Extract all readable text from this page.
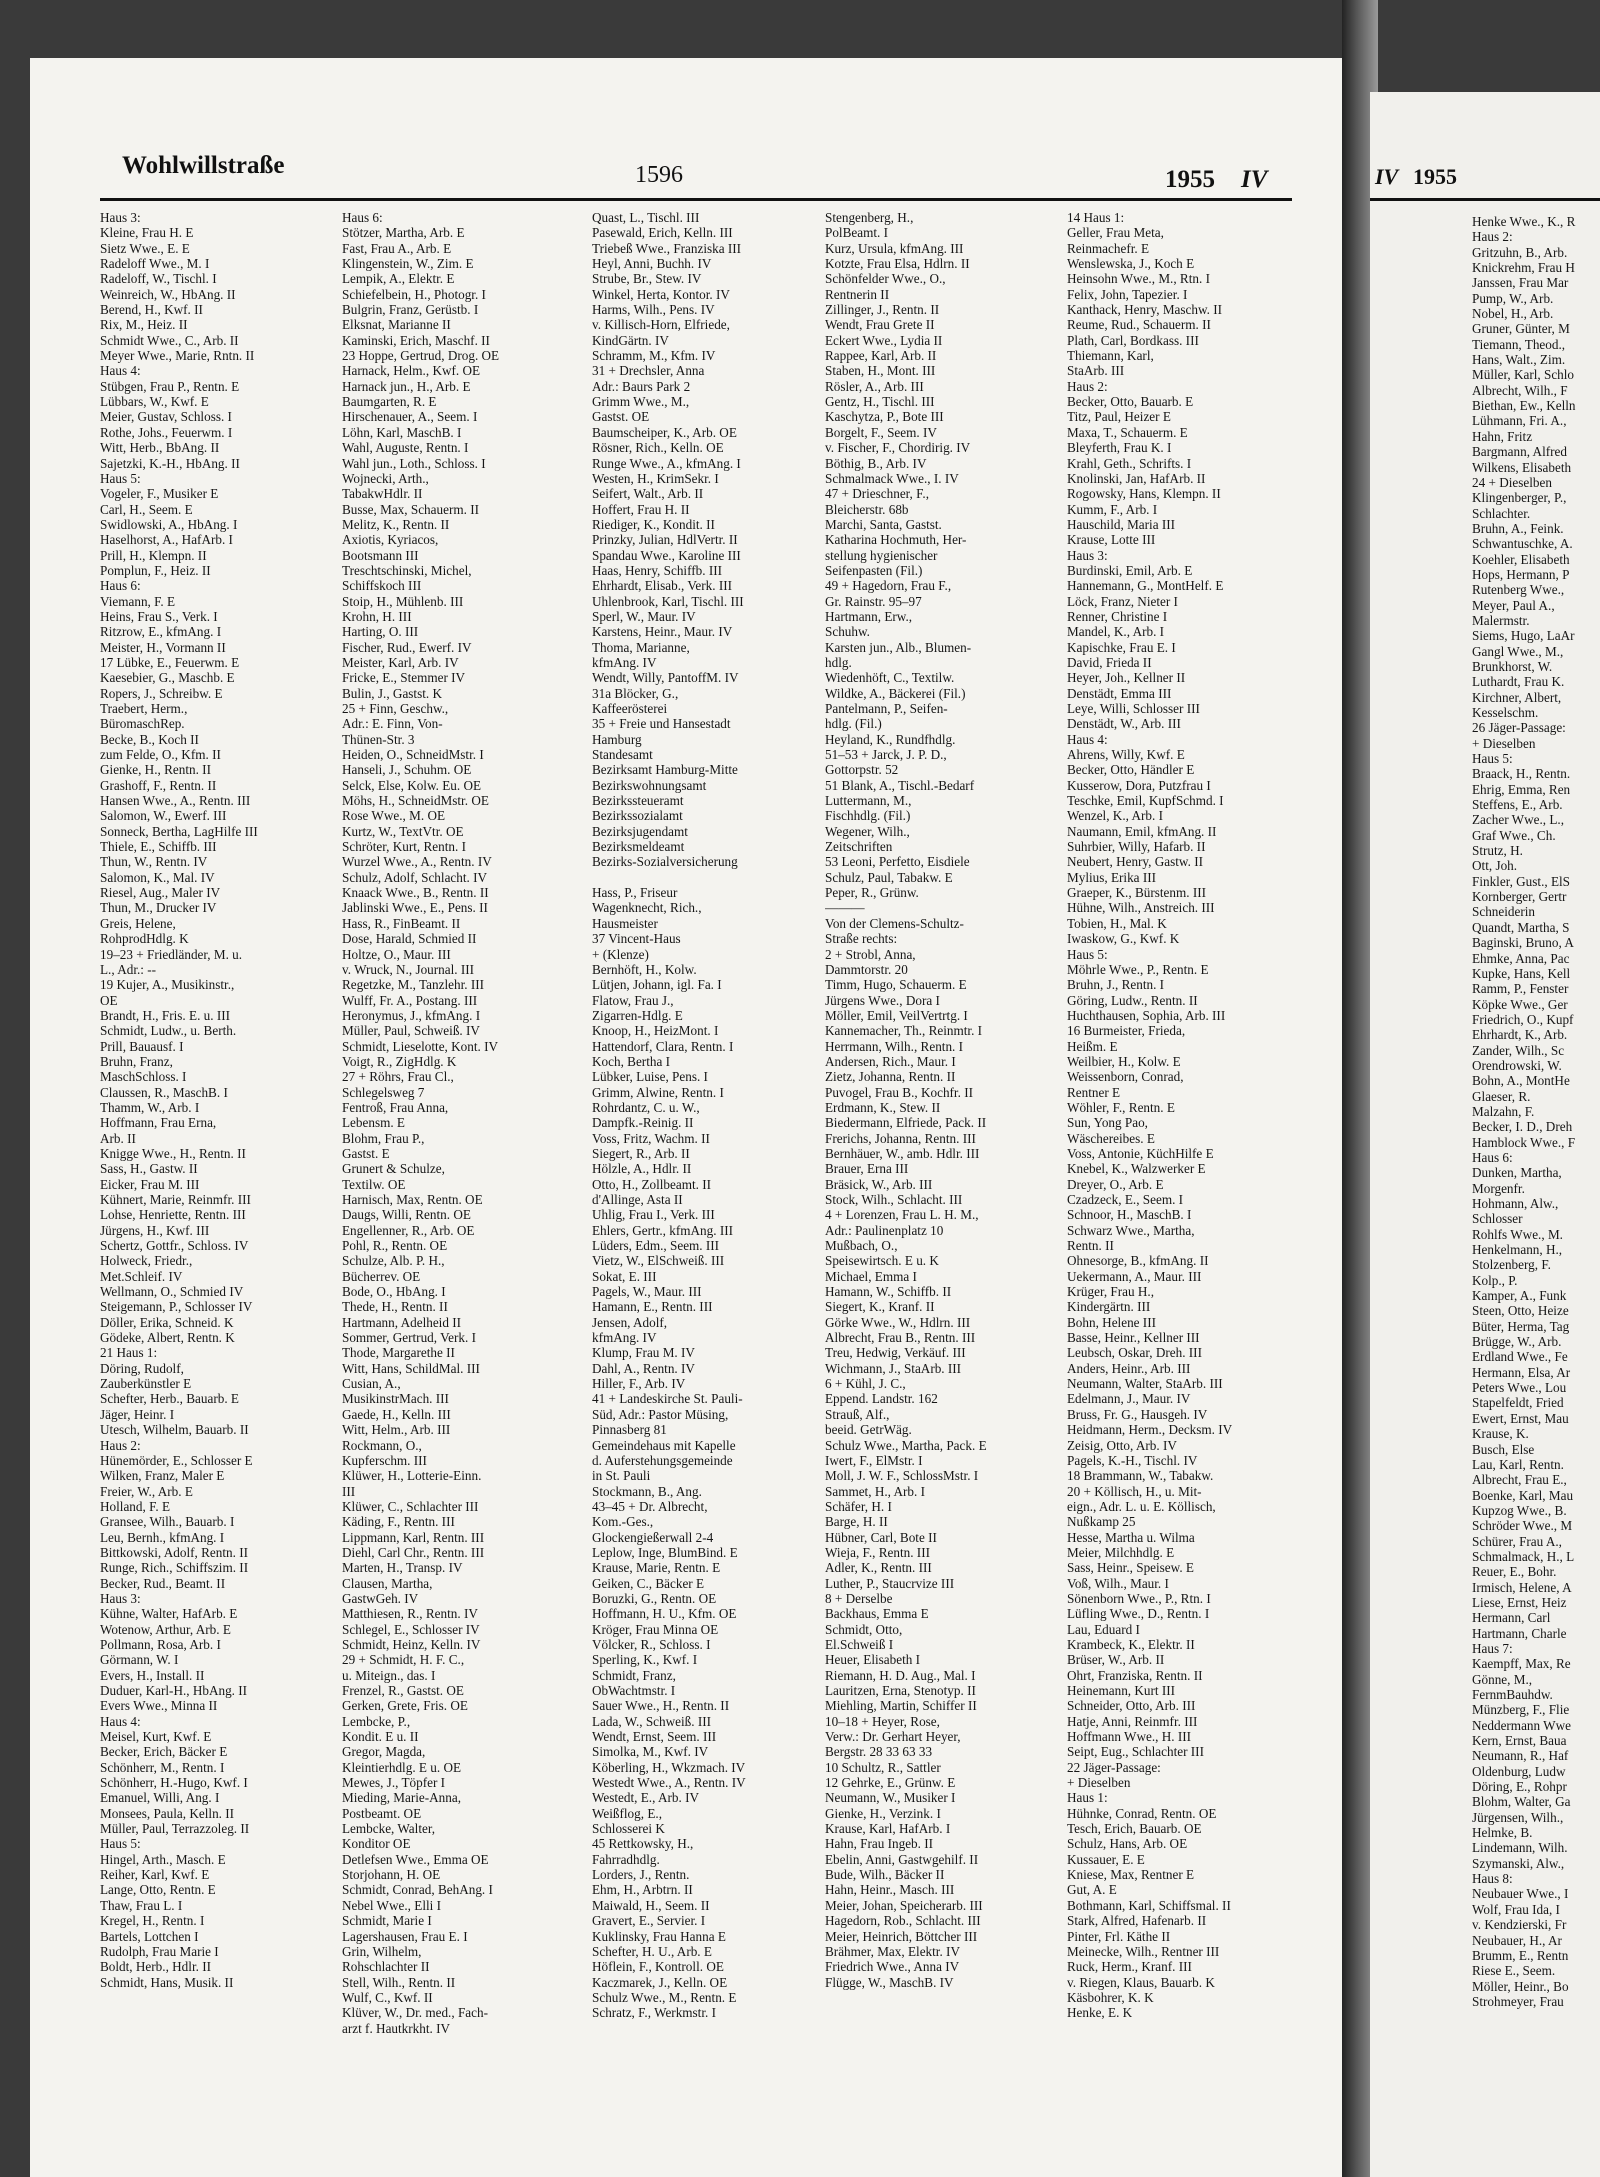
IV 1955
Henke Wwe., K., R
Haus 2:
Gritzuhn, B., Arb.
Knickrehm, Frau H
Janssen, Frau Mar
Pump, W., Arb.
Nobel, H., Arb.
Gruner, Günter, M
Tiemann, Theod.,
Hans, Walt., Zim.
Müller, Karl, Schlo
Albrecht, Wilh., F
Biethan, Ew., Kelln
Lühmann, Fri. A.,
Hahn, Fritz
Bargmann, Alfred
Wilkens, Elisabeth
24 + Dieselben
Klingenberger, P.,
Schlachter.
Bruhn, A., Feink.
Schwantuschke, A.
Koehler, Elisabeth
Hops, Hermann, P
Rutenberg Wwe.,
Meyer, Paul A.,
Malermstr.
Siems, Hugo, LaAr
Gangl Wwe., M.,
Brunkhorst, W.
Luthardt, Frau K.
Kirchner, Albert,
Kesselschm.
26 Jäger-Passage:
+ Dieselben
Haus 5:
Braack, H., Rentn.
Ehrig, Emma, Ren
Steffens, E., Arb.
Zacher Wwe., L.,
Graf Wwe., Ch.
Strutz, H.
Ott, Joh.
Finkler, Gust., ElS
Kornberger, Gertr
Schneiderin
Quandt, Martha, S
Baginski, Bruno, A
Ehmke, Anna, Pac
Kupke, Hans, Kell
Ramm, P., Fenster
Köpke Wwe., Ger
Friedrich, O., Kupf
Ehrhardt, K., Arb.
Zander, Wilh., Sc
Orendrowski, W.
Bohn, A., MontHe
Glaeser, R.
Malzahn, F.
Becker, I. D., Dreh
Hamblock Wwe., F
Haus 6:
Dunken, Martha,
Morgenfr.
Hohmann, Alw.,
Schlosser
Rohlfs Wwe., M.
Henkelmann, H.,
Stolzenberg, F.
Kolp., P.
Kamper, A., Funk
Steen, Otto, Heize
Büter, Herma, Tag
Brügge, W., Arb.
Erdland Wwe., Fe
Hermann, Elsa, Ar
Peters Wwe., Lou
Stapelfeldt, Fried
Ewert, Ernst, Mau
Krause, K.
Busch, Else
Lau, Karl, Rentn.
Albrecht, Frau E.,
Boenke, Karl, Mau
Kupzog Wwe., B.
Schröder Wwe., M
Schürer, Frau A.,
Schmalmack, H., L
Reuer, E., Bohr.
Irmisch, Helene, A
Liese, Ernst, Heiz
Hermann, Carl
Hartmann, Charle
Haus 7:
Kaempff, Max, Re
Gönne, M.,
FernmBauhdw.
Münzberg, F., Flie
Neddermann Wwe
Kern, Ernst, Baua
Neumann, R., Haf
Oldenburg, Ludw
Döring, E., Rohpr
Blohm, Walter, Ga
Jürgensen, Wilh.,
Helmke, B.
Lindemann, Wilh.
Szymanski, Alw.,
Haus 8:
Neubauer Wwe., I
Wolf, Frau Ida, I
v. Kendzierski, Fr
Neubauer, H., Ar
Brumm, E., Rentn
Riese E., Seem.
Möller, Heinr., Bo
Strohmeyer, Frau
Wohlwillstraße	1596	1955 IV
Haus 3:
Kleine, Frau H. E
Sietz Wwe., E. E
Radeloff Wwe., M. I
Radeloff, W., Tischl. I
Weinreich, W., HbAng. II
Berend, H., Kwf. II
Rix, M., Heiz. II
Schmidt Wwe., C., Arb. II
Meyer Wwe., Marie, Rntn. II
Haus 4:
Stübgen, Frau P., Rentn. E
Lübbars, W., Kwf. E
Meier, Gustav, Schloss. I
Rothe, Johs., Feuerwm. I
Witt, Herb., BbAng. II
Sajetzki, K.-H., HbAng. II
Haus 5:
Vogeler, F., Musiker E
Carl, H., Seem. E
Swidlowski, A., HbAng. I
Haselhorst, A., HafArb. I
Prill, H., Klempn. II
Pomplun, F., Heiz. II
Haus 6:
Viemann, F. E
Heins, Frau S., Verk. I
Ritzrow, E., kfmAng. I
Meister, H., Vormann II
17 Lübke, E., Feuerwm. E
Kaesebier, G., Maschb. E
Ropers, J., Schreibw. E
Traebert, Herm.,
BüromaschRep.
Becke, B., Koch II
zum Felde, O., Kfm. II
Gienke, H., Rentn. II
Grashoff, F., Rentn. II
Hansen Wwe., A., Rentn. III
Salomon, W., Ewerf. III
Sonneck, Bertha, LagHilfe III
Thiele, E., Schiffb. III
Thun, W., Rentn. IV
Salomon, K., Mal. IV
Riesel, Aug., Maler IV
Thun, M., Drucker IV
Greis, Helene,
RohprodHdlg. K
19–23 + Friedländer, M. u.
L., Adr.: --
19 Kujer, A., Musikinstr.,
OE
Brandt, H., Fris. E. u. III
Schmidt, Ludw., u. Berth.
Prill, Bauausf. I
Bruhn, Franz,
MaschSchloss. I
Claussen, R., MaschB. I
Thamm, W., Arb. I
Hoffmann, Frau Erna,
Arb. II
Knigge Wwe., H., Rentn. II
Sass, H., Gastw. II
Eicker, Frau M. III
Kühnert, Marie, Reinmfr. III
Lohse, Henriette, Rentn. III
Jürgens, H., Kwf. III
Schertz, Gottfr., Schloss. IV
Holweck, Friedr.,
Met.Schleif. IV
Wellmann, O., Schmied IV
Steigemann, P., Schlosser IV
Döller, Erika, Schneid. K
Gödeke, Albert, Rentn. K
21 Haus 1:
Döring, Rudolf,
Zauberkünstler E
Schefter, Herb., Bauarb. E
Jäger, Heinr. I
Utesch, Wilhelm, Bauarb. II
Haus 2:
Hünemörder, E., Schlosser E
Wilken, Franz, Maler E
Freier, W., Arb. E
Holland, F. E
Gransee, Wilh., Bauarb. I
Leu, Bernh., kfmAng. I
Bittkowski, Adolf, Rentn. II
Runge, Rich., Schiffszim. II
Becker, Rud., Beamt. II
Haus 3:
Kühne, Walter, HafArb. E
Wotenow, Arthur, Arb. E
Pollmann, Rosa, Arb. I
Görmann, W. I
Evers, H., Install. II
Duduer, Karl-H., HbAng. II
Evers Wwe., Minna II
Haus 4:
Meisel, Kurt, Kwf. E
Becker, Erich, Bäcker E
Schönherr, M., Rentn. I
Schönherr, H.-Hugo, Kwf. I
Emanuel, Willi, Ang. I
Monsees, Paula, Kelln. II
Müller, Paul, Terrazzoleg. II
Haus 5:
Hingel, Arth., Masch. E
Reiher, Karl, Kwf. E
Lange, Otto, Rentn. E
Thaw, Frau L. I
Kregel, H., Rentn. I
Bartels, Lottchen I
Rudolph, Frau Marie I
Boldt, Herb., Hdlr. II
Schmidt, Hans, Musik. II
Haus 6:
Stötzer, Martha, Arb. E
Fast, Frau A., Arb. E
Klingenstein, W., Zim. E
Lempik, A., Elektr. E
Schiefelbein, H., Photogr. I
Bulgrin, Franz, Gerüstb. I
Elksnat, Marianne II
Kaminski, Erich, Maschf. II
23 Hoppe, Gertrud, Drog. OE
Harnack, Helm., Kwf. OE
Harnack jun., H., Arb. E
Baumgarten, R. E
Hirschenauer, A., Seem. I
Löhn, Karl, MaschB. I
Wahl, Auguste, Rentn. I
Wahl jun., Loth., Schloss. I
Wojnecki, Arth.,
TabakwHdlr. II
Busse, Max, Schauerm. II
Melitz, K., Rentn. II
Axiotis, Kyriacos,
Bootsmann III
Treschtschinski, Michel,
Schiffskoch III
Stoip, H., Mühlenb. III
Krohn, H. III
Harting, O. III
Fischer, Rud., Ewerf. IV
Meister, Karl, Arb. IV
Fricke, E., Stemmer IV
Bulin, J., Gastst. K
25 + Finn, Geschw.,
Adr.: E. Finn, Von-
Thünen-Str. 3
Heiden, O., SchneidMstr. I
Hanseli, J., Schuhm. OE
Selck, Else, Kolw. Eu. OE
Möhs, H., SchneidMstr. OE
Rose Wwe., M. OE
Kurtz, W., TextVtr. OE
Schröter, Kurt, Rentn. I
Wurzel Wwe., A., Rentn. IV
Schulz, Adolf, Schlacht. IV
Knaack Wwe., B., Rentn. II
Jablinski Wwe., E., Pens. II
Hass, R., FinBeamt. II
Dose, Harald, Schmied II
Holtze, O., Maur. III
v. Wruck, N., Journal. III
Regetzke, M., Tanzlehr. III
Wulff, Fr. A., Postang. III
Heronymus, J., kfmAng. I
Müller, Paul, Schweiß. IV
Schmidt, Lieselotte, Kont. IV
Voigt, R., ZigHdlg. K
27 + Röhrs, Frau Cl.,
Schlegelsweg 7
Fentroß, Frau Anna,
Lebensm. E
Blohm, Frau P.,
Gastst. E
Grunert & Schulze,
Textilw. OE
Harnisch, Max, Rentn. OE
Daugs, Willi, Rentn. OE
Engellenner, R., Arb. OE
Pohl, R., Rentn. OE
Schulze, Alb. P. H.,
Bücherrev. OE
Bode, O., HbAng. I
Thede, H., Rentn. II
Hartmann, Adelheid II
Sommer, Gertrud, Verk. I
Thode, Margarethe II
Witt, Hans, SchildMal. III
Cusian, A.,
MusikinstrMach. III
Gaede, H., Kelln. III
Witt, Helm., Arb. III
Rockmann, O.,
Kupferschm. III
Klüwer, H., Lotterie-Einn.
III
Klüwer, C., Schlachter III
Käding, F., Rentn. III
Lippmann, Karl, Rentn. III
Diehl, Carl Chr., Rentn. III
Marten, H., Transp. IV
Clausen, Martha,
GastwGeh. IV
Matthiesen, R., Rentn. IV
Schlegel, E., Schlosser IV
Schmidt, Heinz, Kelln. IV
29 + Schmidt, H. F. C.,
u. Miteign., das. I
Frenzel, R., Gastst. OE
Gerken, Grete, Fris. OE
Lembcke, P.,
Kondit. E u. II
Gregor, Magda,
Kleintierhdlg. E u. OE
Mewes, J., Töpfer I
Mieding, Marie-Anna,
Postbeamt. OE
Lembcke, Walter,
Konditor OE
Detlefsen Wwe., Emma OE
Storjohann, H. OE
Schmidt, Conrad, BehAng. I
Nebel Wwe., Elli I
Schmidt, Marie I
Lagershausen, Frau E. I
Grin, Wilhelm,
Rohschlachter II
Stell, Wilh., Rentn. II
Wulf, C., Kwf. II
Klüver, W., Dr. med., Fach-
arzt f. Hautkrkht. IV
Quast, L., Tischl. III
Pasewald, Erich, Kelln. III
Triebeß Wwe., Franziska III
Heyl, Anni, Buchh. IV
Strube, Br., Stew. IV
Winkel, Herta, Kontor. IV
Harms, Wilh., Pens. IV
v. Killisch-Horn, Elfriede,
KindGärtn. IV
Schramm, M., Kfm. IV
31 + Drechsler, Anna
Adr.: Baurs Park 2
Grimm Wwe., M.,
Gastst. OE
Baumscheiper, K., Arb. OE
Rösner, Rich., Kelln. OE
Runge Wwe., A., kfmAng. I
Westen, H., KrimSekr. I
Seifert, Walt., Arb. II
Hoffert, Frau H. II
Riediger, K., Kondit. II
Prinzky, Julian, HdlVertr. II
Spandau Wwe., Karoline III
Haas, Henry, Schiffb. III
Ehrhardt, Elisab., Verk. III
Uhlenbrook, Karl, Tischl. III
Sperl, W., Maur. IV
Karstens, Heinr., Maur. IV
Thoma, Marianne,
kfmAng. IV
Wendt, Willy, PantoffM. IV
31a Blöcker, G.,
Kaffeerösterei
35 + Freie und Hansestadt
Hamburg
Standesamt
Bezirksamt Hamburg-Mitte
Bezirkswohnungsamt
Bezirkssteueramt
Bezirkssozialamt
Bezirksjugendamt
Bezirksmeldeamt
Bezirks-Sozialversicherung
Hass, P., Friseur
Wagenknecht, Rich.,
Hausmeister
37 Vincent-Haus
+ (Klenze)
Bernhöft, H., Kolw.
Lütjen, Johann, igl. Fa. I
Flatow, Frau J.,
Zigarren-Hdlg. E
Knoop, H., HeizMont. I
Hattendorf, Clara, Rentn. I
Koch, Bertha I
Lübker, Luise, Pens. I
Grimm, Alwine, Rentn. I
Rohrdantz, C. u. W.,
Dampfk.-Reinig. II
Voss, Fritz, Wachm. II
Siegert, R., Arb. II
Hölzle, A., Hdlr. II
Otto, H., Zollbeamt. II
d'Allinge, Asta II
Uhlig, Frau I., Verk. III
Ehlers, Gertr., kfmAng. III
Lüders, Edm., Seem. III
Vietz, W., ElSchweiß. III
Sokat, E. III
Pagels, W., Maur. III
Hamann, E., Rentn. III
Jensen, Adolf,
kfmAng. IV
Klump, Frau M. IV
Dahl, A., Rentn. IV
Hiller, F., Arb. IV
41 + Landeskirche St. Pauli-
Süd, Adr.: Pastor Müsing,
Pinnasberg 81
Gemeindehaus mit Kapelle
d. Auferstehungsgemeinde
in St. Pauli
Stockmann, B., Ang.
43–45 + Dr. Albrecht,
Kom.-Ges.,
Glockengießerwall 2-4
Leplow, Inge, BlumBind. E
Krause, Marie, Rentn. E
Geiken, C., Bäcker E
Boruzki, G., Rentn. OE
Hoffmann, H. U., Kfm. OE
Kröger, Frau Minna OE
Völcker, R., Schloss. I
Sperling, K., Kwf. I
Schmidt, Franz,
ObWachtmstr. I
Sauer Wwe., H., Rentn. II
Lada, W., Schweiß. III
Wendt, Ernst, Seem. III
Simolka, M., Kwf. IV
Köberling, H., Wkzmach. IV
Westedt Wwe., A., Rentn. IV
Westedt, E., Arb. IV
Weißflog, E.,
Schlosserei K
45 Rettkowsky, H.,
Fahrradhdlg.
Lorders, J., Rentn.
Ehm, H., Arbtrn. II
Maiwald, H., Seem. II
Gravert, E., Servier. I
Kuklinsky, Frau Hanna E
Schefter, H. U., Arb. E
Höflein, F., Kontroll. OE
Kaczmarek, J., Kelln. OE
Schulz Wwe., M., Rentn. E
Schratz, F., Werkmstr. I
Stengenberg, H.,
PolBeamt. I
Kurz, Ursula, kfmAng. III
Kotzte, Frau Elsa, Hdlrn. II
Schönfelder Wwe., O.,
Rentnerin II
Zillinger, J., Rentn. II
Wendt, Frau Grete II
Eckert Wwe., Lydia II
Rappee, Karl, Arb. II
Staben, H., Mont. III
Rösler, A., Arb. III
Gentz, H., Tischl. III
Kaschytza, P., Bote III
Borgelt, F., Seem. IV
v. Fischer, F., Chordirig. IV
Böthig, B., Arb. IV
Schmalmack Wwe., I. IV
47 + Drieschner, F.,
Bleicherstr. 68b
Marchi, Santa, Gastst.
Katharina Hochmuth, Her-
stellung hygienischer
Seifenpasten (Fil.)
49 + Hagedorn, Frau F.,
Gr. Rainstr. 95–97
Hartmann, Erw.,
Schuhw.
Karsten jun., Alb., Blumen-
hdlg.
Wiedenhöft, C., Textilw.
Wildke, A., Bäckerei (Fil.)
Pantelmann, P., Seifen-
hdlg. (Fil.)
Heyland, K., Rundfhdlg.
51–53 + Jarck, J. P. D.,
Gottorpstr. 52
51 Blank, A., Tischl.-Bedarf
Luttermann, M.,
Fischhdlg. (Fil.)
Wegener, Wilh.,
Zeitschriften
53 Leoni, Perfetto, Eisdiele
Schulz, Paul, Tabakw. E
Peper, R., Grünw.
———
Von der Clemens-Schultz-
Straße rechts:
2 + Strobl, Anna,
Dammtorstr. 20
Timm, Hugo, Schauerm. E
Jürgens Wwe., Dora I
Möller, Emil, VeilVertrtg. I
Kannemacher, Th., Reinmtr. I
Herrmann, Wilh., Rentn. I
Andersen, Rich., Maur. I
Zietz, Johanna, Rentn. II
Puvogel, Frau B., Kochfr. II
Erdmann, K., Stew. II
Biedermann, Elfriede, Pack. II
Frerichs, Johanna, Rentn. III
Bernhäuer, W., amb. Hdlr. III
Brauer, Erna III
Bräsick, W., Arb. III
Stock, Wilh., Schlacht. III
4 + Lorenzen, Frau L. H. M.,
Adr.: Paulinenplatz 10
Mußbach, O.,
Speisewirtsch. E u. K
Michael, Emma I
Hamann, W., Schiffb. II
Siegert, K., Kranf. II
Görke Wwe., W., Hdlrn. III
Albrecht, Frau B., Rentn. III
Treu, Hedwig, Verkäuf. III
Wichmann, J., StaArb. III
6 + Kühl, J. C.,
Eppend. Landstr. 162
Strauß, Alf.,
beeid. GetrWäg.
Schulz Wwe., Martha, Pack. E
Iwert, F., ElMstr. I
Moll, J. W. F., SchlossMstr. I
Sammet, H., Arb. I
Schäfer, H. I
Barge, H. II
Hübner, Carl, Bote II
Wieja, F., Rentn. III
Adler, K., Rentn. III
Luther, P., Staucrvize III
8 + Derselbe
Backhaus, Emma E
Schmidt, Otto,
El.Schweiß I
Heuer, Elisabeth I
Riemann, H. D. Aug., Mal. I
Lauritzen, Erna, Stenotyp. II
Miehling, Martin, Schiffer II
10–18 + Heyer, Rose,
Verw.: Dr. Gerhart Heyer,
Bergstr. 28 33 63 33
10 Schultz, R., Sattler
12 Gehrke, E., Grünw. E
Neumann, W., Musiker I
Gienke, H., Verzink. I
Krause, Karl, HafArb. I
Hahn, Frau Ingeb. II
Ebelin, Anni, Gastwgehilf. II
Bude, Wilh., Bäcker II
Hahn, Heinr., Masch. III
Meier, Johan, Speicherarb. III
Hagedorn, Rob., Schlacht. III
Meier, Heinrich, Böttcher III
Brähmer, Max, Elektr. IV
Friedrich Wwe., Anna IV
Flügge, W., MaschB. IV
14 Haus 1:
Geller, Frau Meta,
Reinmachefr. E
Wenslewska, J., Koch E
Heinsohn Wwe., M., Rtn. I
Felix, John, Tapezier. I
Kanthack, Henry, Maschw. II
Reume, Rud., Schauerm. II
Plath, Carl, Bordkass. III
Thiemann, Karl,
StaArb. III
Haus 2:
Becker, Otto, Bauarb. E
Titz, Paul, Heizer E
Maxa, T., Schauerm. E
Bleyferth, Frau K. I
Krahl, Geth., Schrifts. I
Knolinski, Jan, HafArb. II
Rogowsky, Hans, Klempn. II
Kumm, F., Arb. I
Hauschild, Maria III
Krause, Lotte III
Haus 3:
Burdinski, Emil, Arb. E
Hannemann, G., MontHelf. E
Löck, Franz, Nieter I
Renner, Christine I
Mandel, K., Arb. I
Kapischke, Frau E. I
David, Frieda II
Heyer, Joh., Kellner II
Denstädt, Emma III
Leye, Willi, Schlosser III
Denstädt, W., Arb. III
Haus 4:
Ahrens, Willy, Kwf. E
Becker, Otto, Händler E
Kusserow, Dora, Putzfrau I
Teschke, Emil, KupfSchmd. I
Wenzel, K., Arb. I
Naumann, Emil, kfmAng. II
Suhrbier, Willy, Hafarb. II
Neubert, Henry, Gastw. II
Mylius, Erika III
Graeper, K., Bürstenm. III
Hühne, Wilh., Anstreich. III
Tobien, H., Mal. K
Iwaskow, G., Kwf. K
Haus 5:
Möhrle Wwe., P., Rentn. E
Bruhn, J., Rentn. I
Göring, Ludw., Rentn. II
Huchthausen, Sophia, Arb. III
16 Burmeister, Frieda,
Heißm. E
Weilbier, H., Kolw. E
Weissenborn, Conrad,
Rentner E
Wöhler, F., Rentn. E
Sun, Yong Pao,
Wäschereibes. E
Voss, Antonie, KüchHilfe E
Knebel, K., Walzwerker E
Dreyer, O., Arb. E
Czadzeck, E., Seem. I
Schnoor, H., MaschB. I
Schwarz Wwe., Martha,
Rentn. II
Ohnesorge, B., kfmAng. II
Uekermann, A., Maur. III
Krüger, Frau H.,
Kindergärtn. III
Bohn, Helene III
Basse, Heinr., Kellner III
Leubsch, Oskar, Dreh. III
Anders, Heinr., Arb. III
Neumann, Walter, StaArb. III
Edelmann, J., Maur. IV
Bruss, Fr. G., Hausgeh. IV
Heidmann, Herm., Decksm. IV
Zeisig, Otto, Arb. IV
Pagels, K.-H., Tischl. IV
18 Brammann, W., Tabakw.
20 + Köllisch, H., u. Mit-
eign., Adr. L. u. E. Köllisch,
Nußkamp 25
Hesse, Martha u. Wilma
Meier, Milchhdlg. E
Sass, Heinr., Speisew. E
Voß, Wilh., Maur. I
Sönenborn Wwe., P., Rtn. I
Lüfling Wwe., D., Rentn. I
Lau, Eduard I
Krambeck, K., Elektr. II
Brüser, W., Arb. II
Ohrt, Franziska, Rentn. II
Heinemann, Kurt III
Schneider, Otto, Arb. III
Hatje, Anni, Reinmfr. III
Hoffmann Wwe., H. III
Seipt, Eug., Schlachter III
22 Jäger-Passage:
+ Dieselben
Haus 1:
Hühnke, Conrad, Rentn. OE
Tesch, Erich, Bauarb. OE
Schulz, Hans, Arb. OE
Kussauer, E. E
Kniese, Max, Rentner E
Gut, A. E
Bothmann, Karl, Schiffsmal. II
Stark, Alfred, Hafenarb. II
Pinter, Frl. Käthe II
Meinecke, Wilh., Rentner III
Ruck, Herm., Kranf. III
v. Riegen, Klaus, Bauarb. K
Käsbohrer, K. K
Henke, E. K
